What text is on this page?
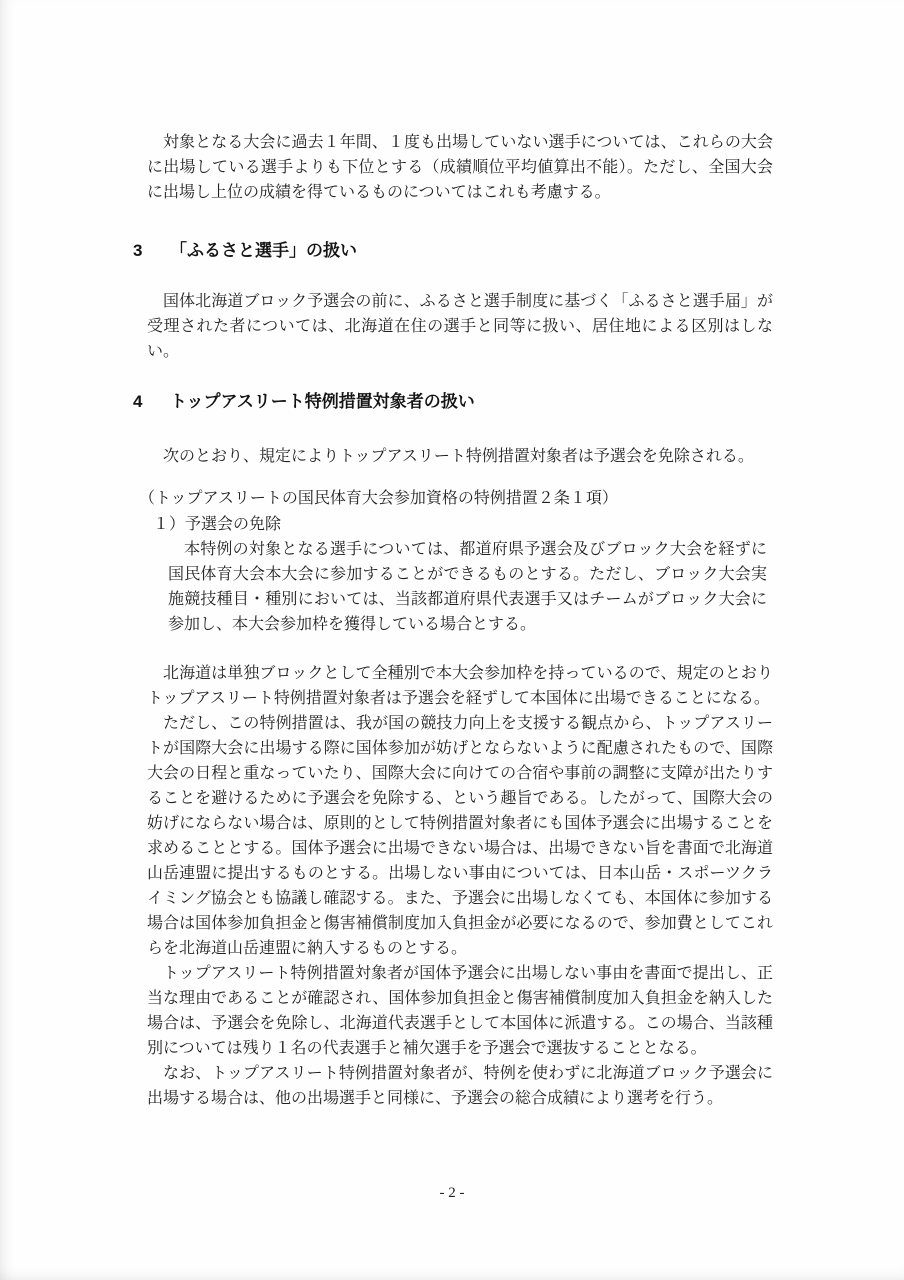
対象となる大会に過去１年間、１度も出場していない選手については、これらの大会に出場している選手よりも下位とする（成績順位平均値算出不能）。ただし、全国大会に出場し上位の成績を得ているものについてはこれも考慮する。

3 「ふるさと選手」の扱い

国体北海道ブロック予選会の前に、ふるさと選手制度に基づく「ふるさと選手届」が受理された者については、北海道在住の選手と同等に扱い、居住地による区別はしない。

4 トップアスリート特例措置対象者の扱い

次のとおり、規定によりトップアスリート特例措置対象者は予選会を免除される。

（トップアスリートの国民体育大会参加資格の特例措置２条１項）

１）予選会の免除

本特例の対象となる選手については、都道府県予選会及びブロック大会を経ずに国民体育大会本大会に参加することができるものとする。ただし、ブロック大会実施競技種目・種別においては、当該都道府県代表選手又はチームがブロック大会に参加し、本大会参加枠を獲得している場合とする。

北海道は単独ブロックとして全種別で本大会参加枠を持っているので、規定のとおりトップアスリート特例措置対象者は予選会を経ずして本国体に出場できることになる。

ただし、この特例措置は、我が国の競技力向上を支援する観点から、トップアスリートが国際大会に出場する際に国体参加が妨げとならないように配慮されたもので、国際大会の日程と重なっていたり、国際大会に向けての合宿や事前の調整に支障が出たりすることを避けるために予選会を免除する、という趣旨である。したがって、国際大会の妨げにならない場合は、原則的として特例措置対象者にも国体予選会に出場することを求めることとする。国体予選会に出場できない場合は、出場できない旨を書面で北海道山岳連盟に提出するものとする。出場しない事由については、日本山岳・スポーツクライミング協会とも協議し確認する。また、予選会に出場しなくても、本国体に参加する場合は国体参加負担金と傷害補償制度加入負担金が必要になるので、参加費としてこれらを北海道山岳連盟に納入するものとする。

トップアスリート特例措置対象者が国体予選会に出場しない事由を書面で提出し、正当な理由であることが確認され、国体参加負担金と傷害補償制度加入負担金を納入した場合は、予選会を免除し、北海道代表選手として本国体に派遣する。この場合、当該種別については残り１名の代表選手と補欠選手を予選会で選抜することとなる。

なお、トップアスリート特例措置対象者が、特例を使わずに北海道ブロック予選会に出場する場合は、他の出場選手と同様に、予選会の総合成績により選考を行う。

- 2 -
